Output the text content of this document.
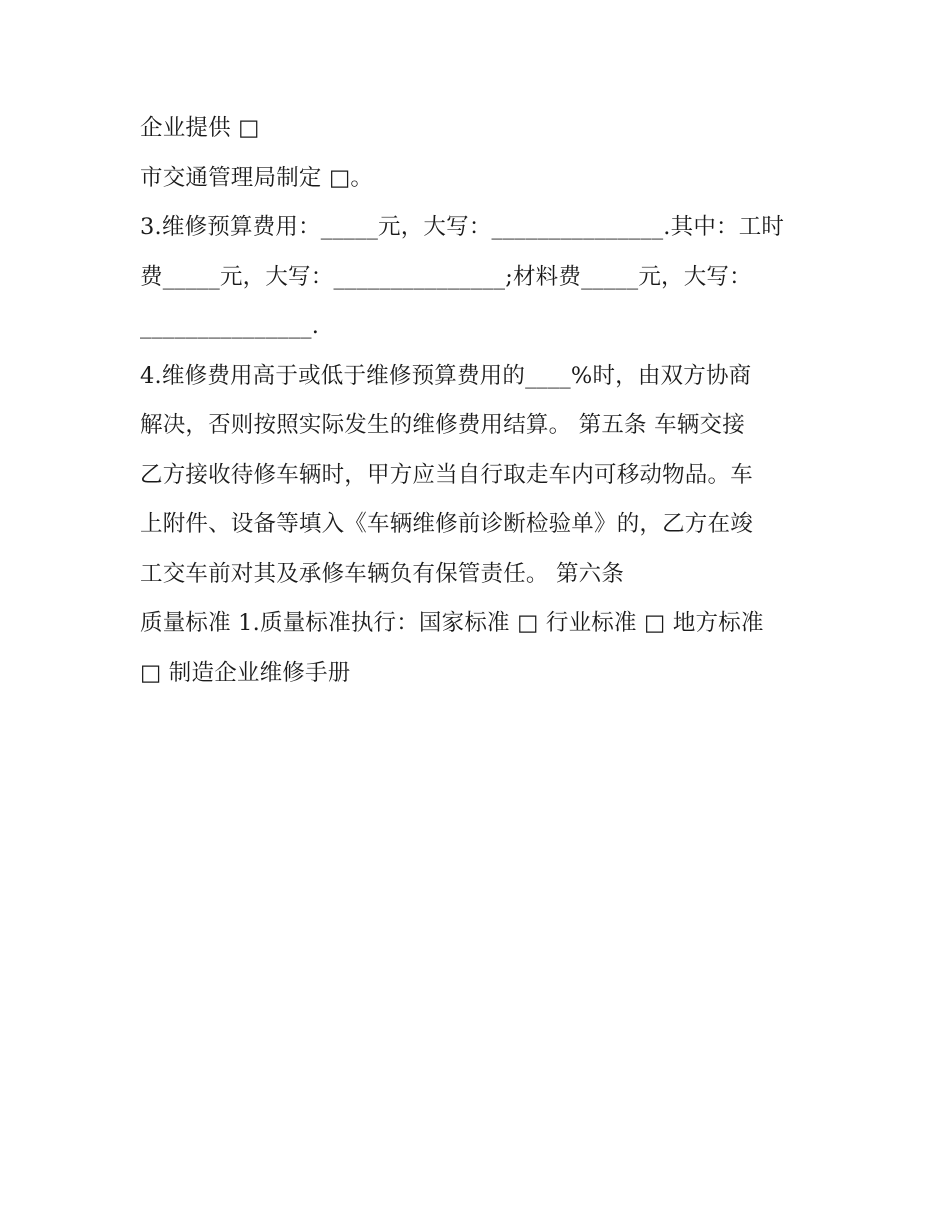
企业提供 □
市交通管理局制定 □。
3.维修预算费用：_____元，大写：_______________.其中：工时
费_____元，大写：_______________;材料费_____元，大写：
_______________.
4.维修费用高于或低于维修预算费用的____%时，由双方协商
解决，否则按照实际发生的维修费用结算。 第五条 车辆交接
乙方接收待修车辆时，甲方应当自行取走车内可移动物品。车
上附件、设备等填入《车辆维修前诊断检验单》的，乙方在竣
工交车前对其及承修车辆负有保管责任。 第六条
质量标准 1.质量标准执行：国家标准 □ 行业标准 □ 地方标准
□ 制造企业维修手册
